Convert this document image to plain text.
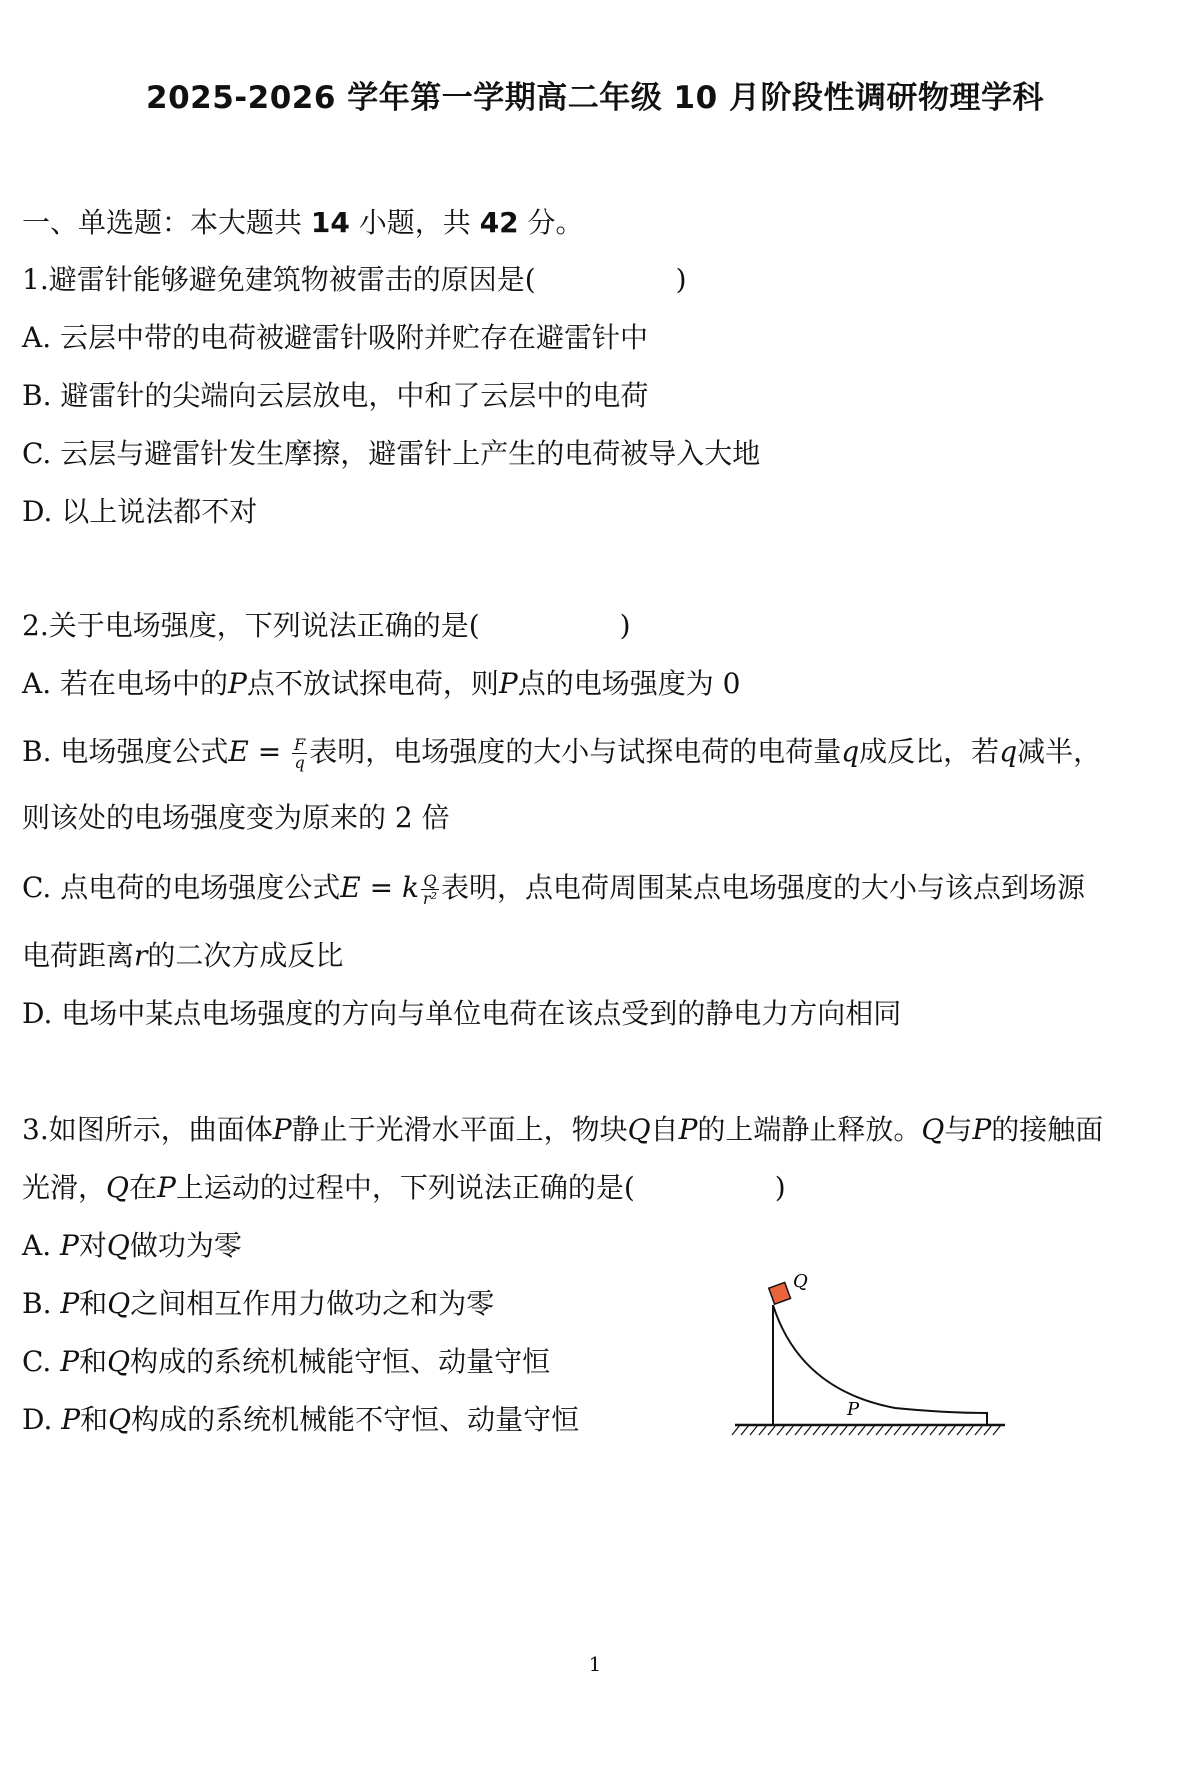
2025-2026 学年第一学期高二年级 10 月阶段性调研物理学科
一、单选题：本大题共 14 小题，共 42 分。
1.避雷针能够避免建筑物被雷击的原因是(　　　　　)
A. 云层中带的电荷被避雷针吸附并贮存在避雷针中
B. 避雷针的尖端向云层放电，中和了云层中的电荷
C. 云层与避雷针发生摩擦，避雷针上产生的电荷被导入大地
D. 以上说法都不对
2.关于电场强度，下列说法正确的是(　　　　　)
A. 若在电场中的P点不放试探电荷，则P点的电场强度为 0
B. 电场强度公式$E = \frac{F}{q}$ 表明，电场强度的大小与试探电荷的电荷量q成反比，若q减半，
则该处的电场强度变为原来的 2 倍
C. 点电荷的电场强度公式E = k $\frac{Q}{\text{r²}}$ 表明，点电荷周围某点电场强度的大小与该点到场源
电荷距离r的二次方成反比
D. 电场中某点电场强度的方向与单位电荷在该点受到的静电力方向相同
3.如图所示，曲面体P静止于光滑水平面上，物块Q自P的上端静止释放。Q与P的接触面
光滑，Q在P上运动的过程中，下列说法正确的是(　　　　　)
A. P对Q做功为零
B. P和Q之间相互作用力做功之和为零
C. P和Q构成的系统机械能守恒、动量守恒
D. P和Q构成的系统机械能不守恒、动量守恒
Q
P
1
